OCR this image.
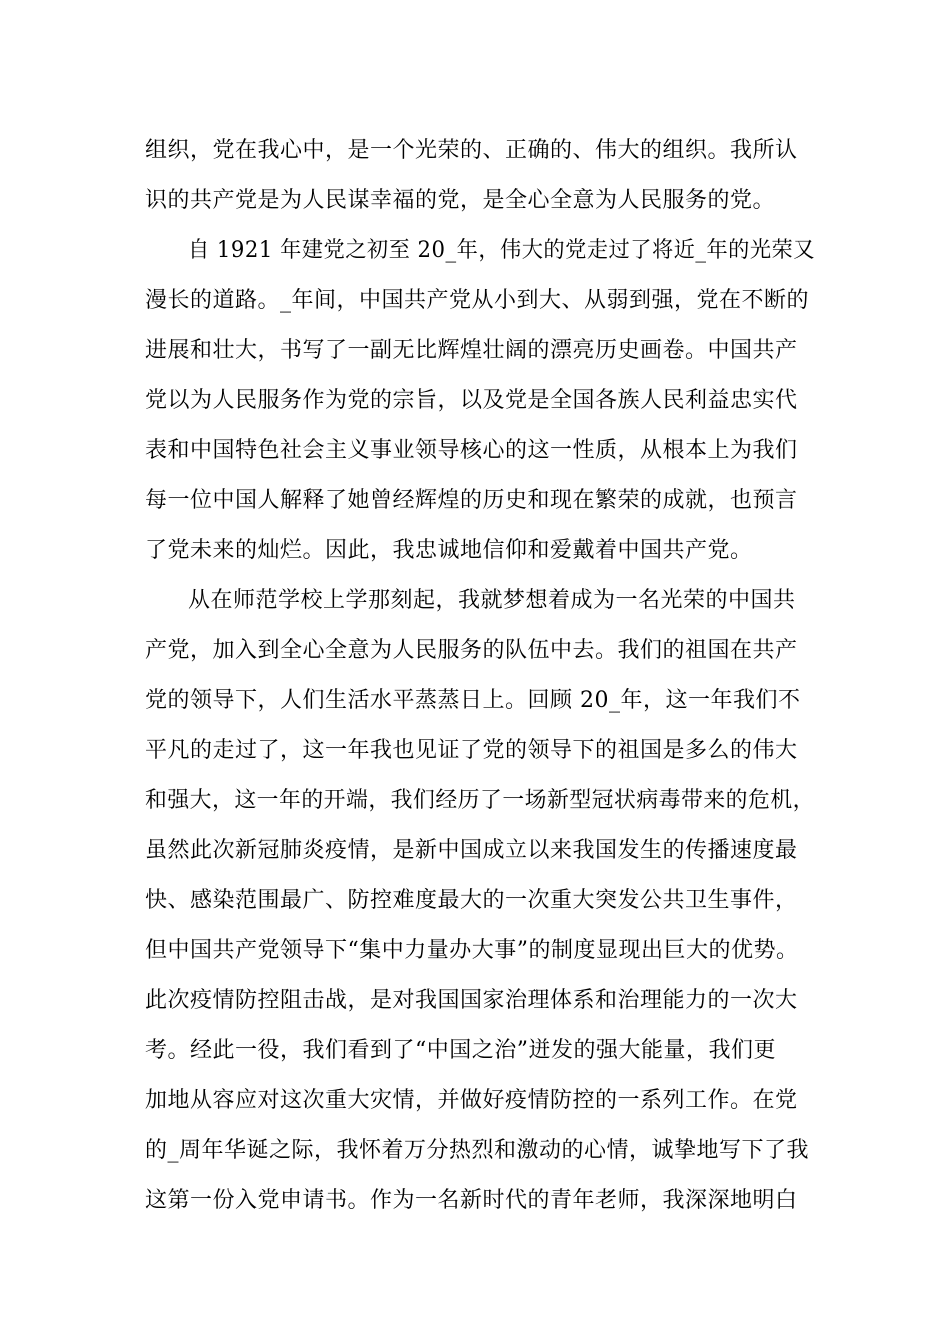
组织，党在我心中，是一个光荣的、正确的、伟大的组织。我所认
识的共产党是为人民谋幸福的党，是全心全意为人民服务的党。
自 1921 年建党之初至 20_年，伟大的党走过了将近_年的光荣又
漫长的道路。_年间，中国共产党从小到大、从弱到强，党在不断的
进展和壮大，书写了一副无比辉煌壮阔的漂亮历史画卷。中国共产
党以为人民服务作为党的宗旨，以及党是全国各族人民利益忠实代
表和中国特色社会主义事业领导核心的这一性质，从根本上为我们
每一位中国人解释了她曾经辉煌的历史和现在繁荣的成就，也预言
了党未来的灿烂。因此，我忠诚地信仰和爱戴着中国共产党。
从在师范学校上学那刻起，我就梦想着成为一名光荣的中国共
产党，加入到全心全意为人民服务的队伍中去。我们的祖国在共产
党的领导下，人们生活水平蒸蒸日上。回顾 20_年，这一年我们不
平凡的走过了，这一年我也见证了党的领导下的祖国是多么的伟大
和强大，这一年的开端，我们经历了一场新型冠状病毒带来的危机，
虽然此次新冠肺炎疫情，是新中国成立以来我国发生的传播速度最
快、感染范围最广、防控难度最大的一次重大突发公共卫生事件，
但中国共产党领导下“集中力量办大事”的制度显现出巨大的优势。
此次疫情防控阻击战，是对我国国家治理体系和治理能力的一次大
考。经此一役，我们看到了“中国之治”迸发的强大能量，我们更
加地从容应对这次重大灾情，并做好疫情防控的一系列工作。在党
的_周年华诞之际，我怀着万分热烈和激动的心情，诚挚地写下了我
这第一份入党申请书。作为一名新时代的青年老师，我深深地明白
